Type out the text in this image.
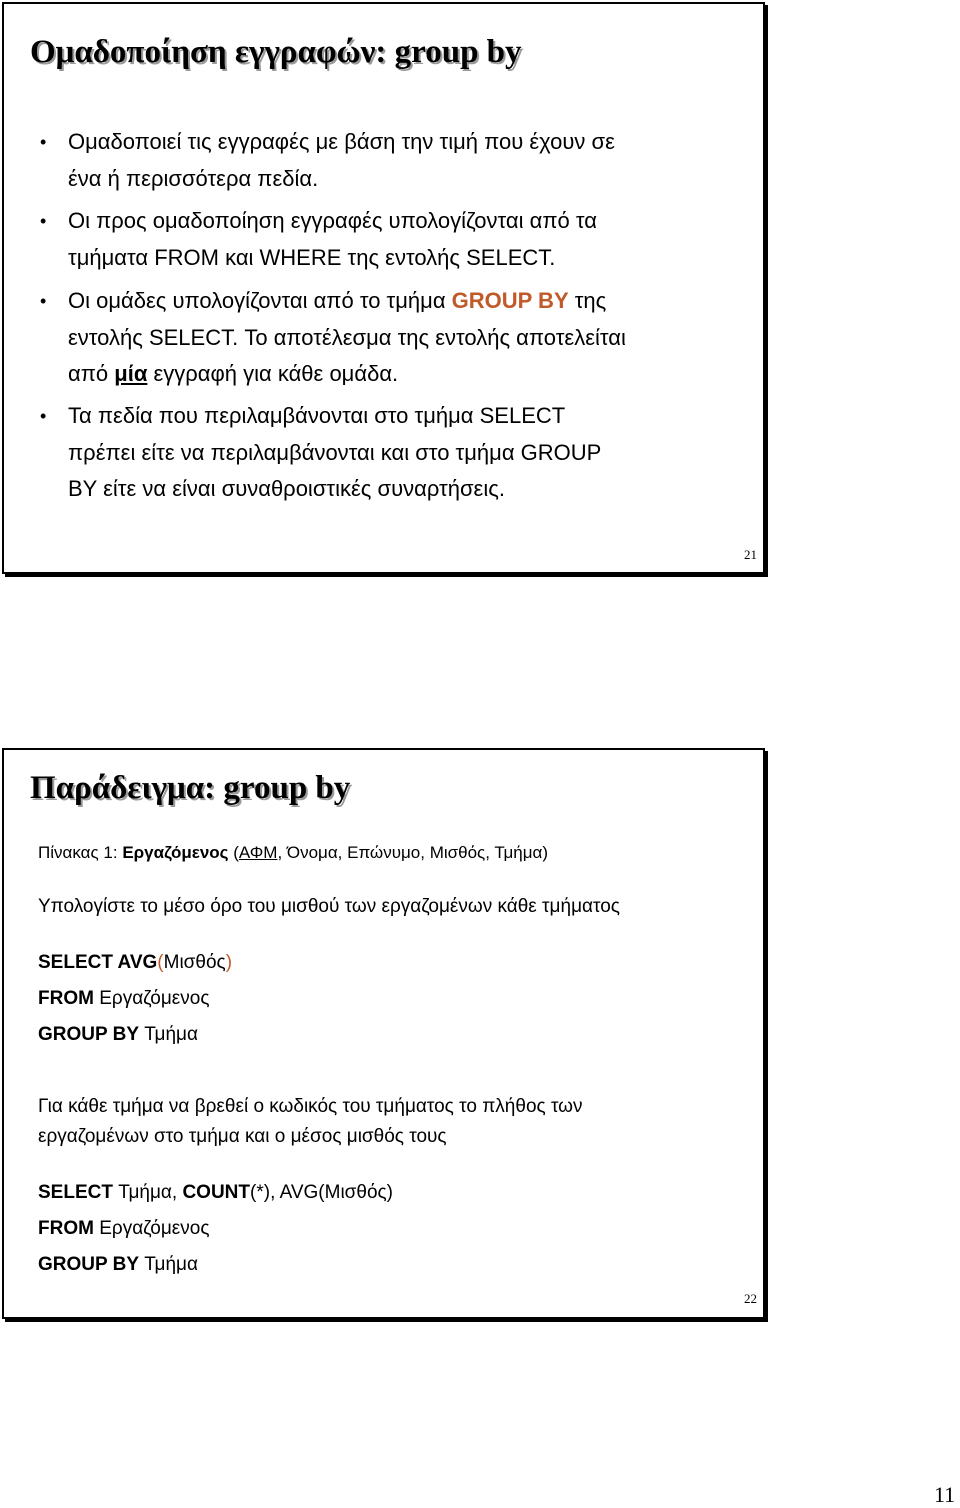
Ομαδοποίηση εγγραφών: group by
• Ομαδοποιεί τις εγγραφές με βάση την τιμή που έχουν σε
ένα ή περισσότερα πεδία.
• Οι προς ομαδοποίηση εγγραφές υπολογίζονται από τα
τμήματα FROM και WHERE της εντολής SELECT.
• Οι ομάδες υπολογίζονται από το τμήμα GROUP BY της
εντολής SELECT. Το αποτέλεσμα της εντολής αποτελείται
από μία εγγραφή για κάθε ομάδα.
• Τα πεδία που περιλαμβάνονται στο τμήμα SELECT
πρέπει είτε να περιλαμβάνονται και στο τμήμα GROUP
BY είτε να είναι συναθροιστικές συναρτήσεις.
21
Παράδειγμα: group by
Πίνακας 1: Εργαζόμενος (ΑΦΜ, Όνομα, Επώνυμο, Μισθός, Τμήμα)
Υπολογίστε το μέσο όρο του μισθού των εργαζομένων κάθε τμήματος
SELECT AVG(Μισθός)
FROM Εργαζόμενος
GROUP BY Τμήμα
Για κάθε τμήμα να βρεθεί ο κωδικός του τμήματος το πλήθος των
εργαζομένων στο τμήμα και ο μέσος μισθός τους
SELECT Τμήμα, COUNT(*), AVG(Μισθός)
FROM Εργαζόμενος
GROUP BY Τμήμα
22
11
